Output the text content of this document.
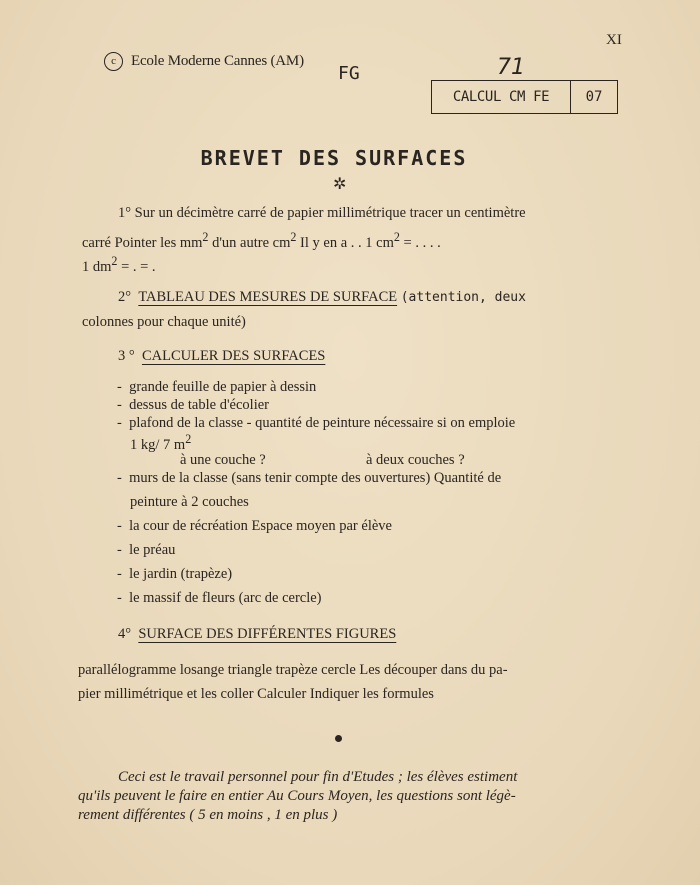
XI
c Ecole Moderne Cannes (AM)
FG	71
CALCUL CM FE	07
BREVET DES SURFACES
✲
1° Sur un décimètre carré de papier millimétrique tracer un centimètre
carré Pointer les $mm^2$ d'un autre $cm^2$ Il y en a . . 1 $cm^2$ = . . . .
1 $dm^2$ = . = .
2° TABLEAU DES MESURES DE SURFACE (attention, deux
colonnes pour chaque unité)
3 ° CALCULER DES SURFACES
-  grande feuille de papier à dessin
-  dessus de table d'écolier
-  plafond de la classe - quantité de peinture nécessaire si on emploie
1 kg/ 7 $m^2$
à une couche ?	à deux couches ?
-  murs de la classe (sans tenir compte des ouvertures) Quantité de
peinture à 2 couches
-  la cour de récréation Espace moyen par élève
-  le préau
-  le jardin (trapèze)
-  le massif de fleurs (arc de cercle)
4° SURFACE DES DIFFÉRENTES FIGURES
parallélogramme losange triangle trapèze cercle Les découper dans du pa-
pier millimétrique et les coller Calculer Indiquer les formules
Ceci est le travail personnel pour fin d'Etudes ; les élèves estiment
qu'ils peuvent le faire en entier Au Cours Moyen, les questions sont légè-
rement différentes ( 5 en moins , 1 en plus )
